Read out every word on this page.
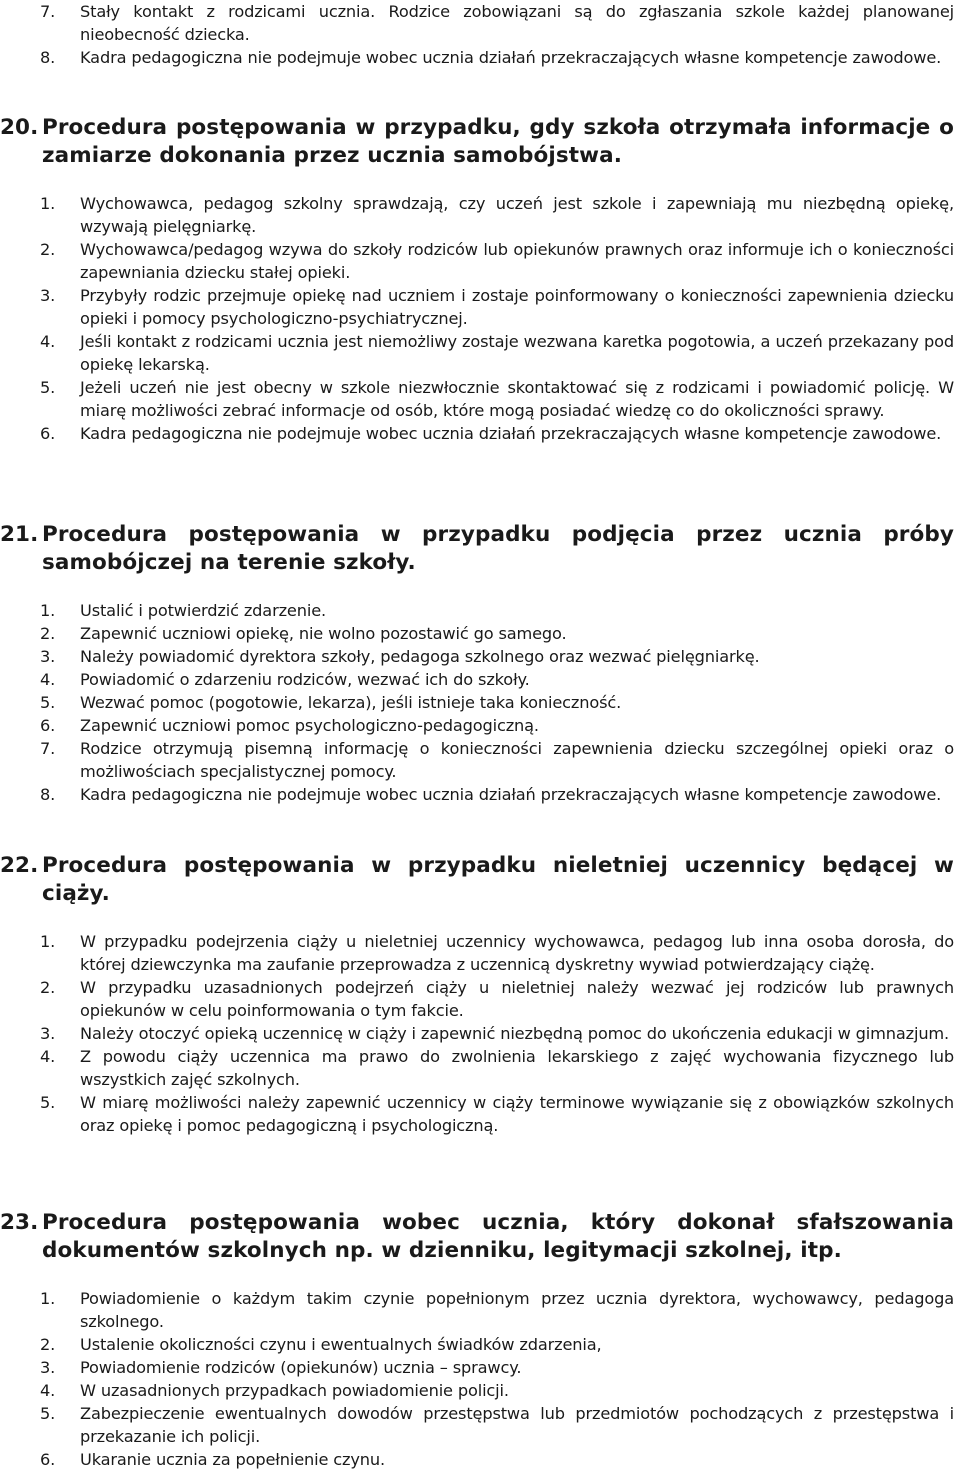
7. Stały kontakt z rodzicami ucznia. Rodzice zobowiązani są do zgłaszania szkole każdej planowanej nieobecność dziecka.
8. Kadra pedagogiczna nie podejmuje wobec ucznia działań przekraczających własne kompetencje zawodowe.
20. Procedura postępowania w przypadku, gdy szkoła otrzymała informacje o zamiarze dokonania przez ucznia samobójstwa.
1. Wychowawca, pedagog szkolny sprawdzają, czy uczeń jest szkole i zapewniają mu niezbędną opiekę, wzywają pielęgniarkę.
2. Wychowawca/pedagog wzywa do szkoły rodziców lub opiekunów prawnych oraz informuje ich o konieczności zapewniania dziecku stałej opieki.
3. Przybyły rodzic przejmuje opiekę nad uczniem i zostaje poinformowany o konieczności zapewnienia dziecku opieki i pomocy psychologiczno-psychiatrycznej.
4. Jeśli kontakt z rodzicami ucznia jest niemożliwy zostaje wezwana karetka pogotowia, a uczeń przekazany pod opiekę lekarską.
5. Jeżeli uczeń nie jest obecny w szkole niezwłocznie skontaktować się z rodzicami i powiadomić policję. W miarę możliwości zebrać informacje od osób, które mogą posiadać wiedzę co do okoliczności sprawy.
6. Kadra pedagogiczna nie podejmuje wobec ucznia działań przekraczających własne kompetencje zawodowe.
21. Procedura postępowania w przypadku podjęcia przez ucznia próby samobójczej na terenie szkoły.
1. Ustalić i potwierdzić zdarzenie.
2. Zapewnić uczniowi opiekę, nie wolno pozostawić go samego.
3. Należy powiadomić dyrektora szkoły, pedagoga szkolnego oraz wezwać pielęgniarkę.
4. Powiadomić o zdarzeniu rodziców, wezwać ich do szkoły.
5. Wezwać pomoc (pogotowie, lekarza), jeśli istnieje taka konieczność.
6. Zapewnić uczniowi pomoc psychologiczno-pedagogiczną.
7. Rodzice otrzymują pisemną informację o konieczności zapewnienia dziecku szczególnej opieki oraz o możliwościach specjalistycznej pomocy.
8. Kadra pedagogiczna nie podejmuje wobec ucznia działań przekraczających własne kompetencje zawodowe.
22. Procedura postępowania w przypadku nieletniej uczennicy będącej w ciąży.
1. W przypadku podejrzenia ciąży u nieletniej uczennicy wychowawca, pedagog lub inna osoba dorosła, do której dziewczynka ma zaufanie przeprowadza z uczennicą dyskretny wywiad potwierdzający ciążę.
2. W przypadku uzasadnionych podejrzeń ciąży u nieletniej należy wezwać jej rodziców lub prawnych opiekunów w celu poinformowania o tym fakcie.
3. Należy otoczyć opieką uczennicę w ciąży i zapewnić niezbędną pomoc do ukończenia edukacji w gimnazjum.
4. Z powodu ciąży uczennica ma prawo do zwolnienia lekarskiego z zajęć wychowania fizycznego lub wszystkich zajęć szkolnych.
5. W miarę możliwości należy zapewnić uczennicy w ciąży terminowe wywiązanie się z obowiązków szkolnych oraz opiekę i pomoc pedagogiczną i psychologiczną.
23. Procedura postępowania wobec ucznia, który dokonał sfałszowania dokumentów szkolnych np. w dzienniku, legitymacji szkolnej, itp.
1. Powiadomienie o każdym takim czynie popełnionym przez ucznia dyrektora, wychowawcy, pedagoga szkolnego.
2. Ustalenie okoliczności czynu i ewentualnych świadków zdarzenia,
3. Powiadomienie rodziców (opiekunów) ucznia – sprawcy.
4. W uzasadnionych przypadkach powiadomienie policji.
5. Zabezpieczenie ewentualnych dowodów przestępstwa lub przedmiotów pochodzących z przestępstwa i przekazanie ich policji.
6. Ukaranie ucznia za popełnienie czynu.
